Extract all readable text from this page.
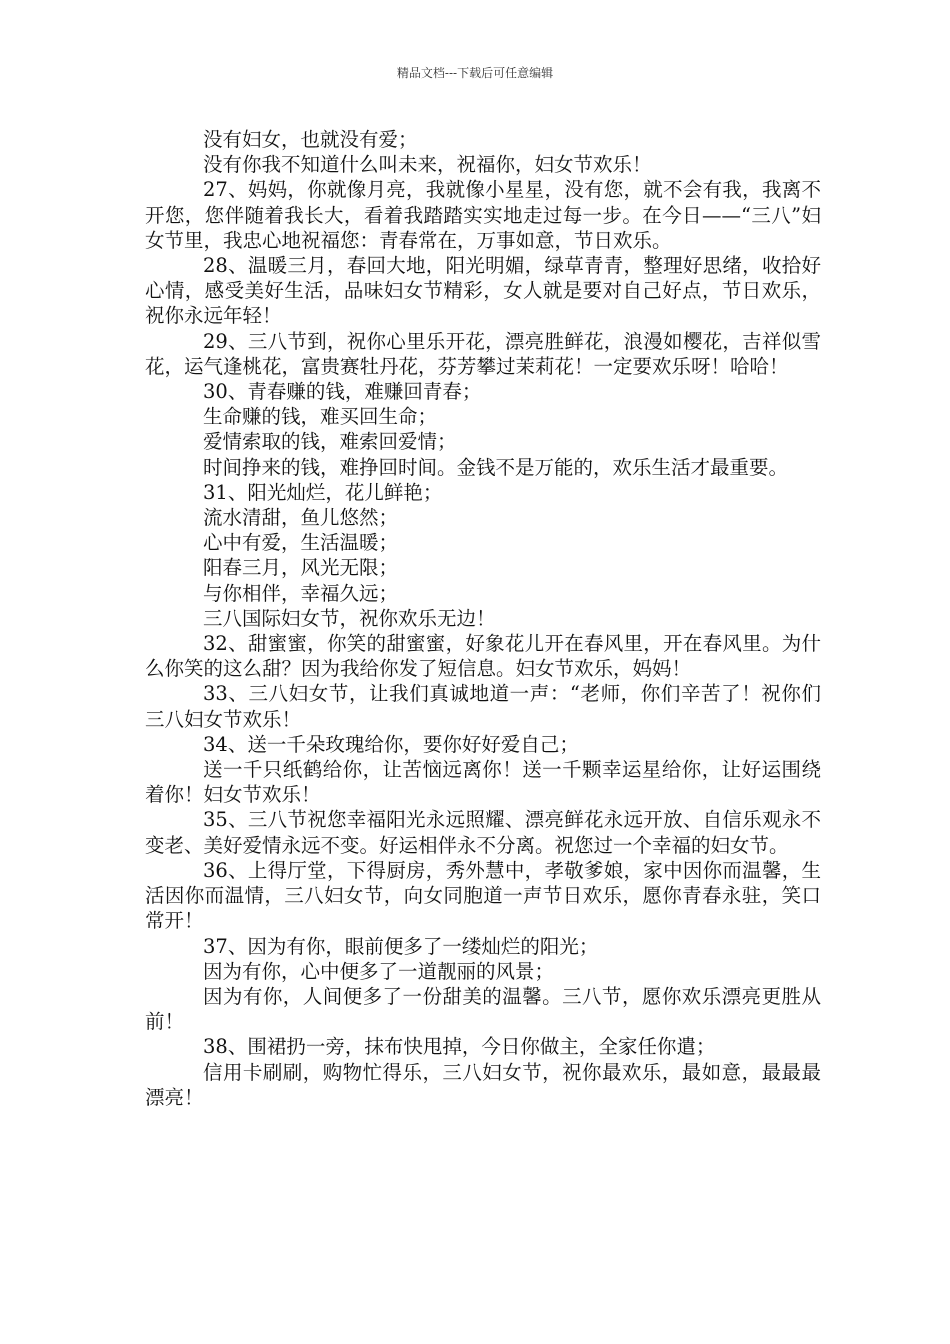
精品文档---下载后可任意编辑

没有妇女，也就没有爱；

没有你我不知道什么叫未来，祝福你，妇女节欢乐！

27、妈妈，你就像月亮，我就像小星星，没有您，就不会有我，我离不开您，您伴随着我长大，看着我踏踏实实地走过每一步。在今日——“三八”妇女节里，我忠心地祝福您：青春常在，万事如意，节日欢乐。

28、温暖三月，春回大地，阳光明媚，绿草青青，整理好思绪，收拾好心情，感受美好生活，品味妇女节精彩，女人就是要对自己好点，节日欢乐，祝你永远年轻！

29、三八节到，祝你心里乐开花，漂亮胜鲜花，浪漫如樱花，吉祥似雪花，运气逢桃花，富贵赛牡丹花，芬芳攀过茉莉花！一定要欢乐呀！哈哈！

30、青春赚的钱，难赚回青春；

生命赚的钱，难买回生命；

爱情索取的钱，难索回爱情；

时间挣来的钱，难挣回时间。金钱不是万能的，欢乐生活才最重要。

31、阳光灿烂，花儿鲜艳；

流水清甜，鱼儿悠然；

心中有爱，生活温暖；

阳春三月，风光无限；

与你相伴，幸福久远；

三八国际妇女节，祝你欢乐无边！

32、甜蜜蜜，你笑的甜蜜蜜，好象花儿开在春风里，开在春风里。为什么你笑的这么甜？因为我给你发了短信息。妇女节欢乐，妈妈！

33、三八妇女节，让我们真诚地道一声：“老师，你们辛苦了！祝你们三八妇女节欢乐！

34、送一千朵玫瑰给你，要你好好爱自己；

送一千只纸鹤给你，让苦恼远离你！送一千颗幸运星给你，让好运围绕着你！妇女节欢乐！

35、三八节祝您幸福阳光永远照耀、漂亮鲜花永远开放、自信乐观永不变老、美好爱情永远不变。好运相伴永不分离。祝您过一个幸福的妇女节。

36、上得厅堂，下得厨房，秀外慧中，孝敬爹娘，家中因你而温馨，生活因你而温情，三八妇女节，向女同胞道一声节日欢乐，愿你青春永驻，笑口常开！

37、因为有你，眼前便多了一缕灿烂的阳光；

因为有你，心中便多了一道靓丽的风景；

因为有你，人间便多了一份甜美的温馨。三八节，愿你欢乐漂亮更胜从前！

38、围裙扔一旁，抹布快甩掉，今日你做主，全家任你遣；

信用卡刷刷，购物忙得乐，三八妇女节，祝你最欢乐，最如意，最最最漂亮！
